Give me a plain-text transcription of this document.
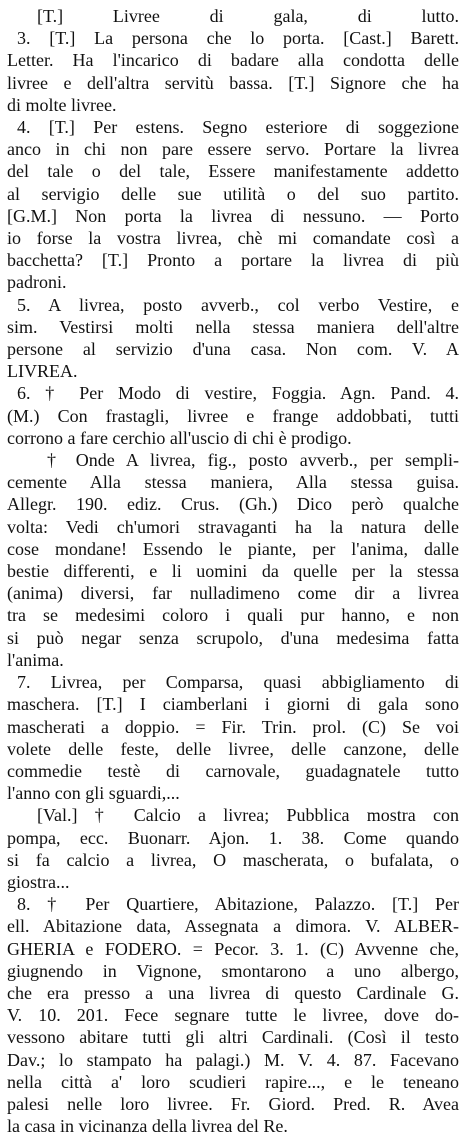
[T.] Livree di gala, di lutto.
3. [T.] La persona che lo porta. [Cast.] Barett.
Letter. Ha l'incarico di badare alla condotta delle
livree e dell'altra servitù bassa. [T.] Signore che ha
di molte livree.
4. [T.] Per estens. Segno esteriore di soggezione
anco in chi non pare essere servo. Portare la livrea
del tale o del tale, Essere manifestamente addetto
al servigio delle sue utilità o del suo partito.
[G.M.] Non porta la livrea di nessuno. — Porto
io forse la vostra livrea, chè mi comandate così a
bacchetta? [T.] Pronto a portare la livrea di più
padroni.
5. A livrea, posto avverb., col verbo Vestire, e
sim. Vestirsi molti nella stessa maniera dell'altre
persone al servizio d'una casa. Non com. V. A
LIVREA.
6. † Per Modo di vestire, Foggia. Agn. Pand. 4.
(M.) Con frastagli, livree e frange addobbati, tutti
corrono a fare cerchio all'uscio di chi è prodigo.
† Onde A livrea, fig., posto avverb., per sempli-
cemente Alla stessa maniera, Alla stessa guisa.
Allegr. 190. ediz. Crus. (Gh.) Dico però qualche
volta: Vedi ch'umori stravaganti ha la natura delle
cose mondane! Essendo le piante, per l'anima, dalle
bestie differenti, e li uomini da quelle per la stessa
(anima) diversi, far nulladimeno come dir a livrea
tra se medesimi coloro i quali pur hanno, e non
si può negar senza scrupolo, d'una medesima fatta
l'anima.
7. Livrea, per Comparsa, quasi abbigliamento di
maschera. [T.] I ciamberlani i giorni di gala sono
mascherati a doppio. = Fir. Trin. prol. (C) Se voi
volete delle feste, delle livree, delle canzone, delle
commedie testè di carnovale, guadagnatele tutto
l'anno con gli sguardi,...
[Val.] † Calcio a livrea; Pubblica mostra con
pompa, ecc. Buonarr. Ajon. 1. 38. Come quando
si fa calcio a livrea, O mascherata, o bufalata, o
giostra...
8. † Per Quartiere, Abitazione, Palazzo. [T.] Per
ell. Abitazione data, Assegnata a dimora. V. ALBER-
GHERIA e FODERO. = Pecor. 3. 1. (C) Avvenne che,
giugnendo in Vignone, smontarono a uno albergo,
che era presso a una livrea di questo Cardinale G.
V. 10. 201. Fece segnare tutte le livree, dove do-
vessono abitare tutti gli altri Cardinali. (Così il testo
Dav.; lo stampato ha palagi.) M. V. 4. 87. Facevano
nella città a' loro scudieri rapire..., e le teneano
palesi nelle loro livree. Fr. Giord. Pred. R. Avea
la casa in vicinanza della livrea del Re.
